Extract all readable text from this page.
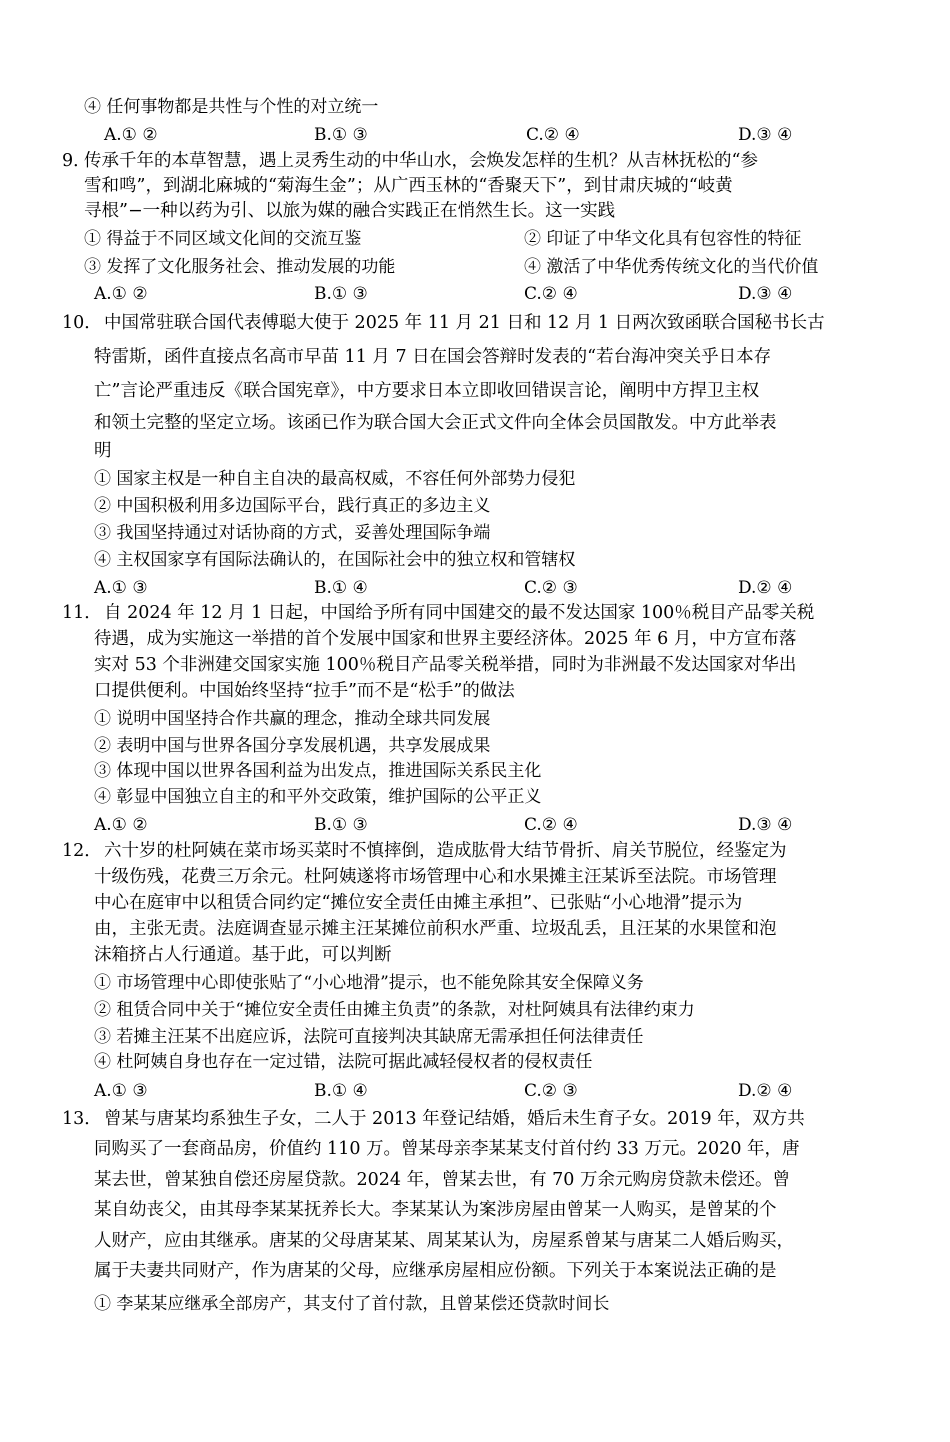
④ 任何事物都是共性与个性的对立统一
A.① ②	B.① ③	C.② ④	D.③ ④
9．
传承千年的本草智慧，遇上灵秀生动的中华山水，会焕发怎样的生机？从吉林抚松的“参
雪和鸣”，到湖北麻城的“菊海生金”；从广西玉林的“香聚天下”，到甘肃庆城的“岐黄
寻根”−一种以药为引、以旅为媒的融合实践正在悄然生长。这一实践
① 得益于不同区域文化间的交流互鉴	② 印证了中华文化具有包容性的特征
③ 发挥了文化服务社会、推动发展的功能	④ 激活了中华优秀传统文化的当代价值
A.① ②	B.① ③	C.② ④	D.③ ④
10． 中国常驻联合国代表傅聪大使于 2025 年 11 月 21 日和 12 月 1 日两次致函联合国秘书长古
特雷斯，函件直接点名高市早苗 11 月 7 日在国会答辩时发表的“若台海冲突关乎日本存
亡”言论严重违反《联合国宪章》，中方要求日本立即收回错误言论，阐明中方捍卫主权
和领土完整的坚定立场。该函已作为联合国大会正式文件向全体会员国散发。中方此举表
明
① 国家主权是一种自主自决的最高权威，不容任何外部势力侵犯
② 中国积极利用多边国际平台，践行真正的多边主义
③ 我国坚持通过对话协商的方式，妥善处理国际争端
④ 主权国家享有国际法确认的，在国际社会中的独立权和管辖权
A.① ③	B.① ④	C.② ③	D.② ④
11． 自 2024 年 12 月 1 日起，中国给予所有同中国建交的最不发达国家 100％税目产品零关税
待遇，成为实施这一举措的首个发展中国家和世界主要经济体。2025 年 6 月，中方宣布落
实对 53 个非洲建交国家实施 100％税目产品零关税举措，同时为非洲最不发达国家对华出
口提供便利。中国始终坚持“拉手”而不是“松手”的做法
① 说明中国坚持合作共赢的理念，推动全球共同发展
② 表明中国与世界各国分享发展机遇，共享发展成果
③ 体现中国以世界各国利益为出发点，推进国际关系民主化
④ 彰显中国独立自主的和平外交政策，维护国际的公平正义
A.① ②	B.① ③	C.② ④	D.③ ④
12． 六十岁的杜阿姨在菜市场买菜时不慎摔倒，造成肱骨大结节骨折、肩关节脱位，经鉴定为
十级伤残，花费三万余元。杜阿姨遂将市场管理中心和水果摊主汪某诉至法院。市场管理
中心在庭审中以租赁合同约定“摊位安全责任由摊主承担”、已张贴“小心地滑”提示为
由，主张无责。法庭调查显示摊主汪某摊位前积水严重、垃圾乱丢，且汪某的水果筐和泡
沫箱挤占人行通道。基于此，可以判断
① 市场管理中心即使张贴了“小心地滑”提示，也不能免除其安全保障义务
② 租赁合同中关于“摊位安全责任由摊主负责”的条款，对杜阿姨具有法律约束力
③ 若摊主汪某不出庭应诉，法院可直接判决其缺席无需承担任何法律责任
④ 杜阿姨自身也存在一定过错，法院可据此减轻侵权者的侵权责任
A.① ③	B.① ④	C.② ③	D.② ④
13． 曾某与唐某均系独生子女，二人于 2013 年登记结婚，婚后未生育子女。2019 年，双方共
同购买了一套商品房，价值约 110 万。曾某母亲李某某支付首付约 33 万元。2020 年，唐
某去世，曾某独自偿还房屋贷款。2024 年，曾某去世，有 70 万余元购房贷款未偿还。曾
某自幼丧父，由其母李某某抚养长大。李某某认为案涉房屋由曾某一人购买，是曾某的个
人财产，应由其继承。唐某的父母唐某某、周某某认为，房屋系曾某与唐某二人婚后购买，
属于夫妻共同财产，作为唐某的父母，应继承房屋相应份额。下列关于本案说法正确的是
① 李某某应继承全部房产，其支付了首付款，且曾某偿还贷款时间长
